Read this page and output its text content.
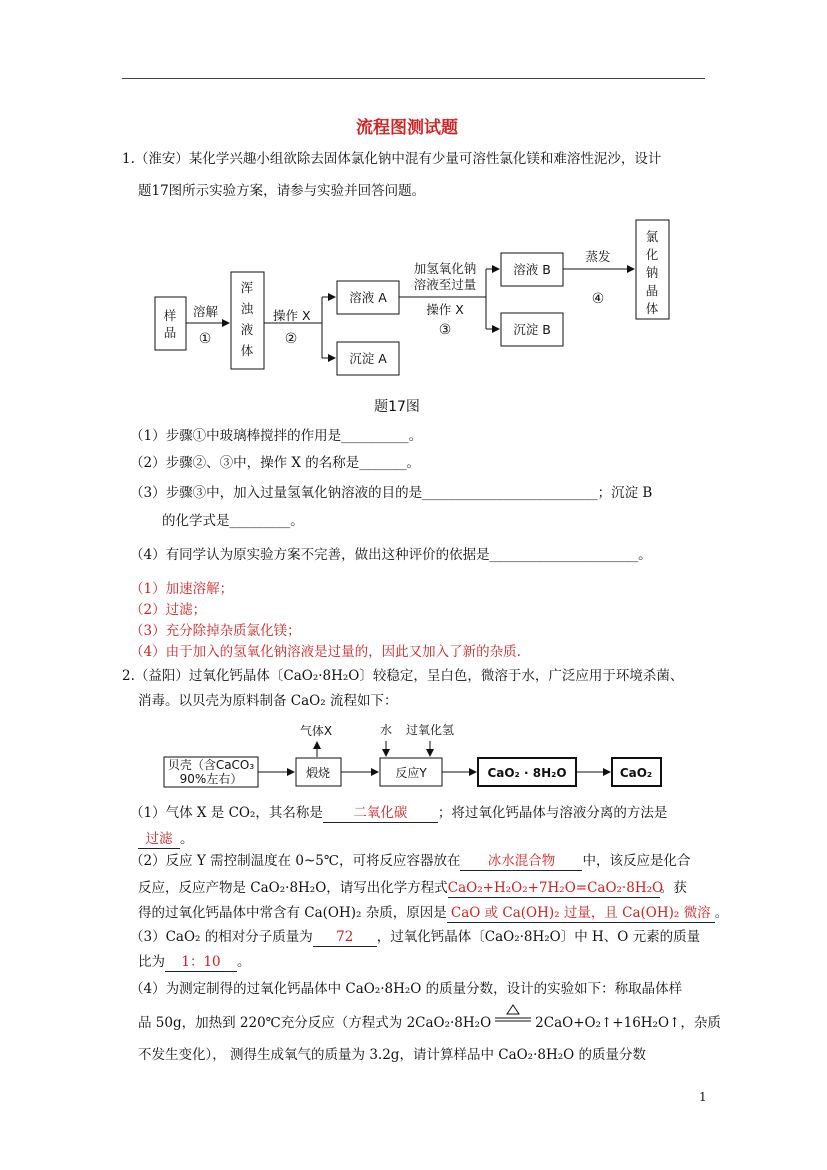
流程图测试题
1.（淮安）某化学兴趣小组欲除去固体氯化钠中混有少量可溶性氯化镁和难溶性泥沙，设计
题17图所示实验方案，请参与实验并回答问题。
样
品
溶解
①
浑
浊
液
体
操作 X
②
溶液 A
沉淀 A
加氢氧化钠
溶液至过量
操作 X
③
溶液 B
沉淀 B
蒸发
④
氯
化
钠
晶
体
题17图
（1）步骤①中玻璃棒搅拌的作用是__________。
（2）步骤②、③中，操作 X 的名称是_______。
（3）步骤③中，加入过量氢氧化钠溶液的目的是__________________________；沉淀 B
的化学式是_________。
（4）有同学认为原实验方案不完善，做出这种评价的依据是______________________。
（1）加速溶解；
（2）过滤；
（3）充分除掉杂质氯化镁；
（4）由于加入的氢氧化钠溶液是过量的，因此又加入了新的杂质.
2.（益阳）过氧化钙晶体〔CaO₂·8H₂O〕较稳定，呈白色，微溶于水，广泛应用于环境杀菌、
消毒。以贝壳为原料制备 CaO₂ 流程如下：
贝壳（含CaCO₃
90%左右）	煅烧
气体X	水 过氧化氢
反应Y	CaO₂ · 8H₂O	CaO₂
（1）气体 X 是 CO₂，其名称是 二氧化碳 ；将过氧化钙晶体与溶液分离的方法是
过滤 。
（2）反应 Y 需控制温度在 0~5℃，可将反应容器放在 冰水混合物 中，该反应是化合
反应，反应产物是 CaO₂·8H₂O，请写出化学方程式CaO₂+H₂O₂+7H₂O=CaO₂·8H₂O。获
得的过氧化钙晶体中常含有 Ca(OH)₂ 杂质，原因是 CaO 或 Ca(OH)₂ 过量，且 Ca(OH)₂ 微溶 。
（3）CaO₂ 的相对分子质量为 72 ，过氧化钙晶体〔CaO₂·8H₂O〕中 H、O 元素的质量
比为 1：10 。
（4）为测定制得的过氧化钙晶体中 CaO₂·8H₂O 的质量分数，设计的实验如下：称取晶体样
品 50g，加热到 220℃充分反应（方程式为 2CaO₂·8H₂O	2CaO+O₂↑+16H₂O↑，杂质
不发生变化）， 测得生成氧气的质量为 3.2g，请计算样品中 CaO₂·8H₂O 的质量分数
1
